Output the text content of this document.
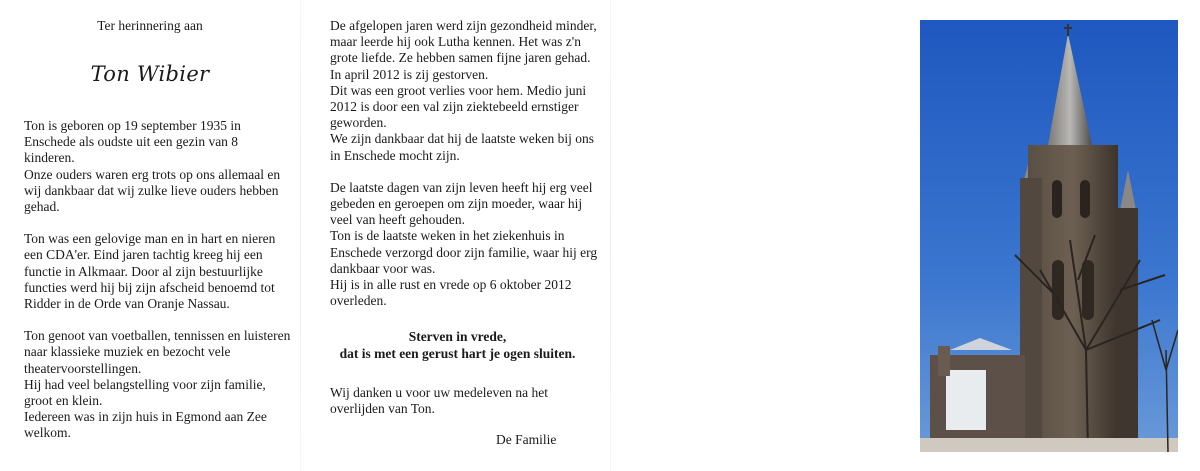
Ter herinnering aan
Ton Wibier

Ton is geboren op 19 september 1935 in Enschede als oudste uit een gezin van 8 kinderen.
Onze ouders waren erg trots op ons allemaal en wij dankbaar dat wij zulke lieve ouders hebben gehad.

Ton was een gelovige man en in hart en nieren een CDA'er. Eind jaren tachtig kreeg hij een functie in Alkmaar. Door al zijn bestuurlijke functies werd hij bij zijn afscheid benoemd tot Ridder in de Orde van Oranje Nassau.

Ton genoot van voetballen, tennissen en luisteren naar klassieke muziek en bezocht vele theatervoorstellingen.
Hij had veel belangstelling voor zijn familie, groot en klein.
Iedereen was in zijn huis in Egmond aan Zee welkom.

De afgelopen jaren werd zijn gezondheid minder, maar leerde hij ook Lutha kennen. Het was z'n grote liefde. Ze hebben samen fijne jaren gehad.
In april 2012 is zij gestorven.
Dit was een groot verlies voor hem. Medio juni 2012 is door een val zijn ziektebeeld ernstiger geworden.
We zijn dankbaar dat hij de laatste weken bij ons in Enschede mocht zijn.

De laatste dagen van zijn leven heeft hij erg veel gebeden en geroepen om zijn moeder, waar hij veel van heeft gehouden.
Ton is de laatste weken in het ziekenhuis in Enschede verzorgd door zijn familie, waar hij erg dankbaar voor was.
Hij is in alle rust en vrede op 6 oktober 2012 overleden.

Sterven in vrede,
dat is met een gerust hart je ogen sluiten.
Wij danken u voor uw medeleven na het overlijden van Ton.
De Familie
